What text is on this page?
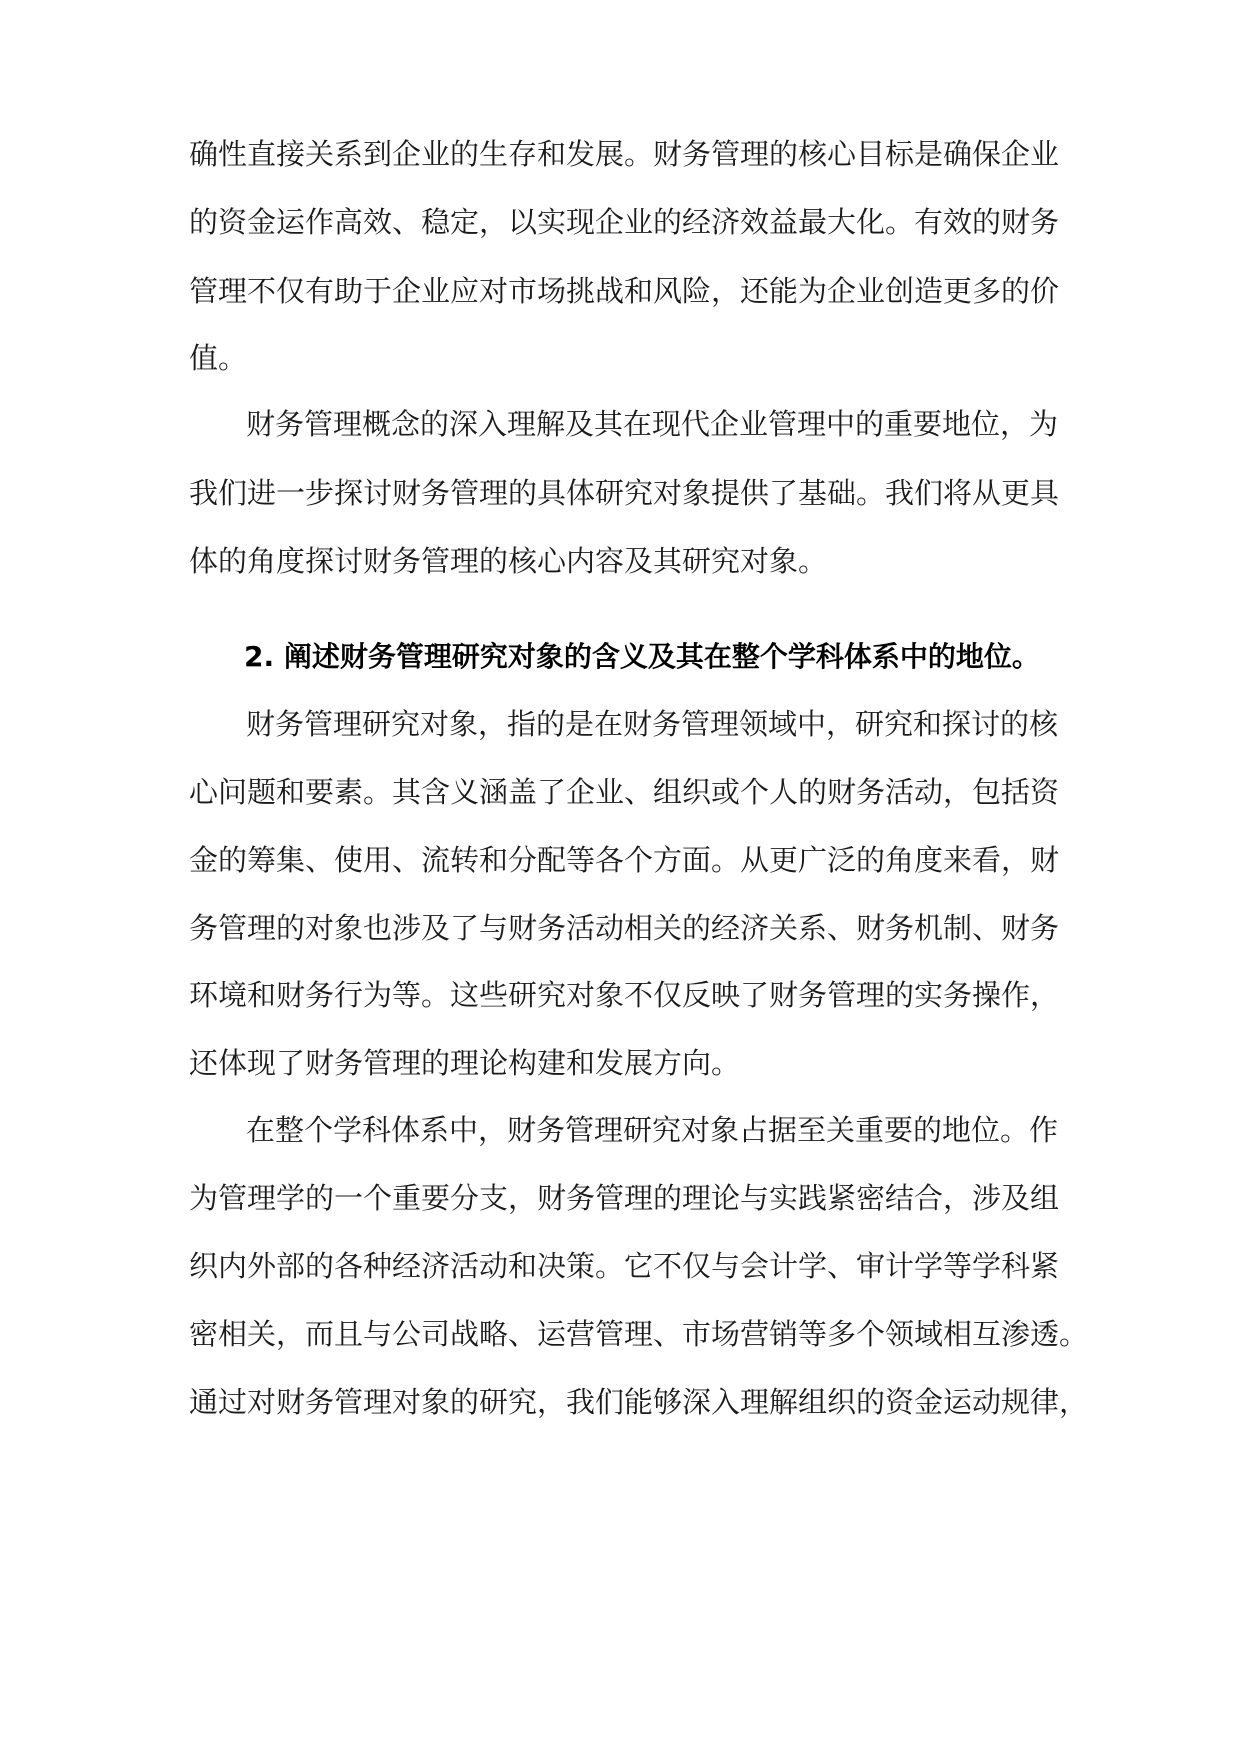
确性直接关系到企业的生存和发展。财务管理的核心目标是确保企业
的资金运作高效、稳定，以实现企业的经济效益最大化。有效的财务
管理不仅有助于企业应对市场挑战和风险，还能为企业创造更多的价
值。
财务管理概念的深入理解及其在现代企业管理中的重要地位，为
我们进一步探讨财务管理的具体研究对象提供了基础。我们将从更具
体的角度探讨财务管理的核心内容及其研究对象。
2. 阐述财务管理研究对象的含义及其在整个学科体系中的地位。
财务管理研究对象，指的是在财务管理领域中，研究和探讨的核
心问题和要素。其含义涵盖了企业、组织或个人的财务活动，包括资
金的筹集、使用、流转和分配等各个方面。从更广泛的角度来看，财
务管理的对象也涉及了与财务活动相关的经济关系、财务机制、财务
环境和财务行为等。这些研究对象不仅反映了财务管理的实务操作，
还体现了财务管理的理论构建和发展方向。
在整个学科体系中，财务管理研究对象占据至关重要的地位。作
为管理学的一个重要分支，财务管理的理论与实践紧密结合，涉及组
织内外部的各种经济活动和决策。它不仅与会计学、审计学等学科紧
密相关，而且与公司战略、运营管理、市场营销等多个领域相互渗透。
通过对财务管理对象的研究，我们能够深入理解组织的资金运动规律，
